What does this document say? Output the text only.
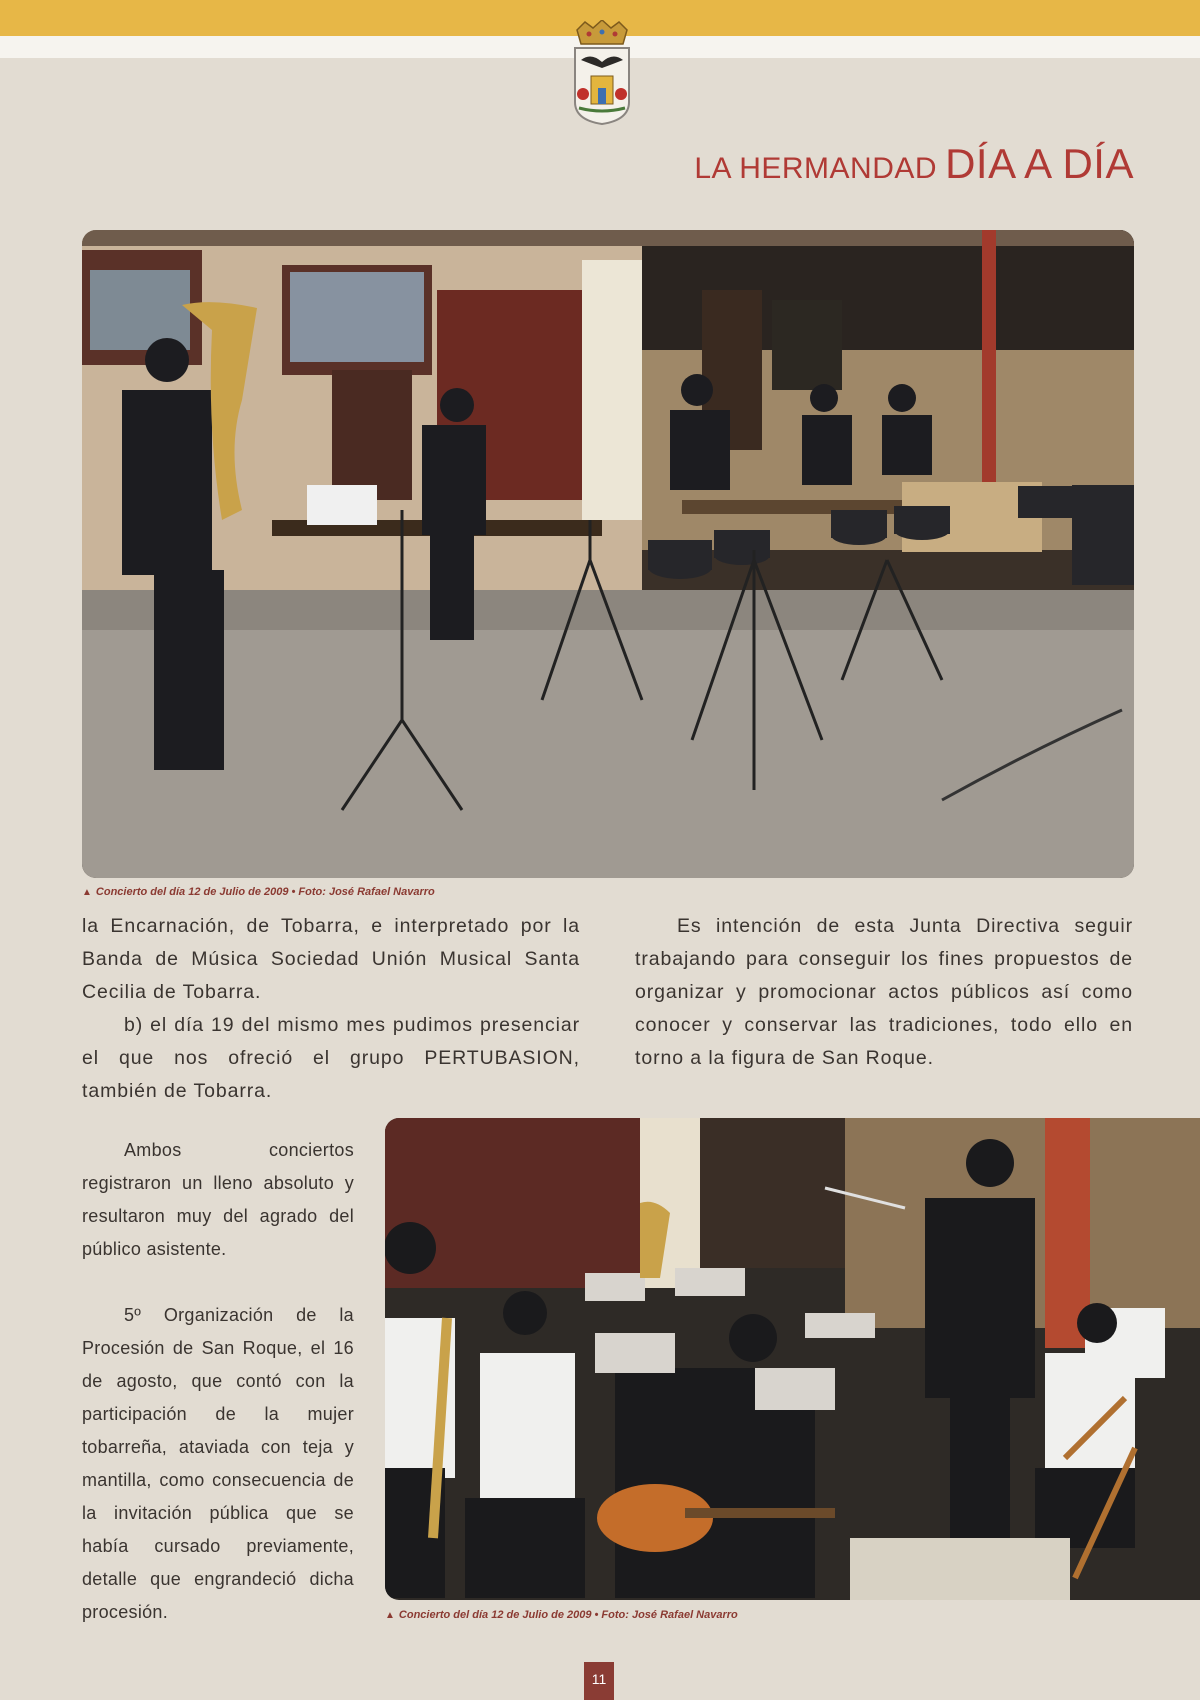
LA HERMANDAD DÍA A DÍA
▲ Concierto del día 12 de Julio de 2009 • Foto: José Rafael Navarro

la Encarnación, de Tobarra, e interpretado por la Banda de Música Sociedad Unión Musical Santa Cecilia de Tobarra.

b) el día 19 del mismo mes pudimos presenciar el que nos ofreció el grupo PERTUBASION, también de Tobarra.

Es intención de esta Junta Directiva seguir trabajando para conseguir los fines propuestos de organizar y promocionar actos públicos así como conocer y conservar las tradiciones, todo ello en torno a la figura de San Roque.

Ambos conciertos registraron un lleno absoluto y resultaron muy del agrado del público asistente.

5º Organización de la Procesión de San Roque, el 16 de agosto, que contó con la participación de la mujer tobarreña, ataviada con teja y mantilla, como consecuencia de la invitación pública que se había cursado previamente, detalle que engrandeció dicha procesión.	▲ Concierto del día 12 de Julio de 2009 • Foto: José Rafael Navarro
11
